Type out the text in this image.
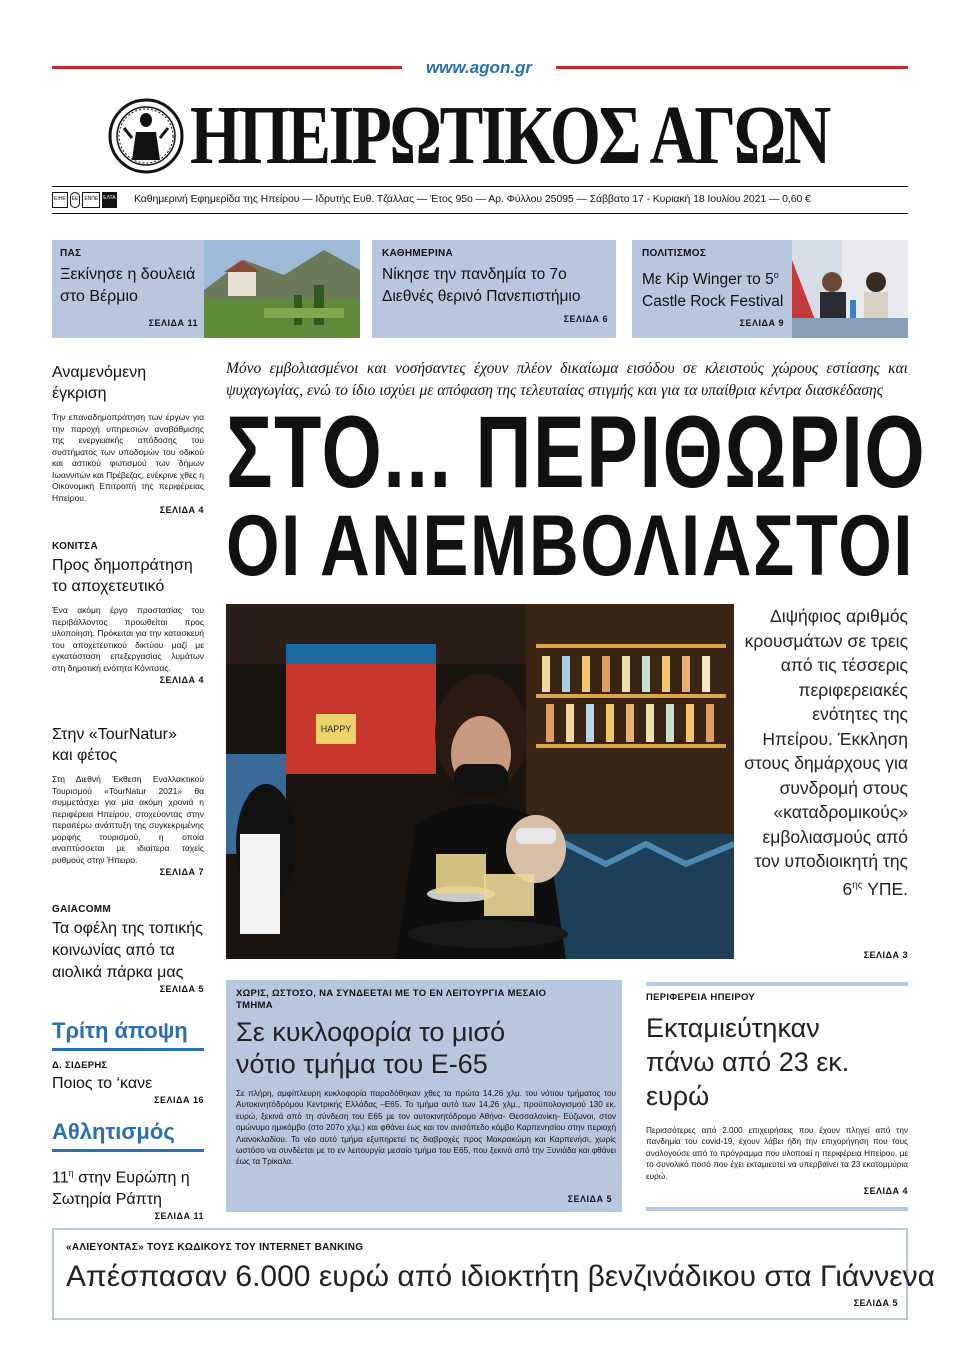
www.agon.gr
ΗΠΕΙΡΩΤΙΚΟΣ ΑΓΩΝ
ΕΙΗΕ	ΕΕ	ΕΝΠΕ	ΕΛΤΑ Καθημερινή Εφημερίδα της Ηπείρου — Ιδρυτής Ευθ. Τζάλλας — Έτος 95ο — Αρ. Φύλλου 25095 — Σάββατο 17 - Κυριακή 18 Ιουλίου 2021 — 0,60 €
ΠΑΣ
Ξεκίνησε η δουλειά στο Βέρμιο
ΣΕΛΙΔΑ 11
ΚΑΘΗΜΕΡΙΝΑ
Νίκησε την πανδημία το 7ο Διεθνές θερινό Πανεπιστήμιο
ΣΕΛΙΔΑ 6
ΠΟΛΙΤΙΣΜΟΣ
Με Kip Winger το $5^o$ Castle Rock Festival
ΣΕΛΙΔΑ 9
Αναμενόμενη έγκριση
Την επαναδημοπράτηση των έργων για την παροχή υπηρεσιών αναβάθμισης της ενεργειακής απόδοσης του συστήματος των υποδομών του οδικού και αστικού φωτισμού των δήμων Ιωαννιτών και Πρέβεζας, ενέκρινε χθες η Οικονομική Επιτροπή της περιφέρειας Ηπείρου.
ΣΕΛΙΔΑ 4
ΚΟΝΙΤΣΑ
Προς δημοπράτηση το αποχετευτικό
Ένα ακόμη έργο προστασίας του περιβάλλοντος προωθείται προς υλοποίηση. Πρόκειται για την κατασκευή του αποχετευτικού δικτύου μαζί με εγκατάσταση επεξεργασίας λυμάτων στη δημοτική ενότητα Κόνιτσας.
ΣΕΛΙΔΑ 4
Στην «TourNatur» και φέτος
Στη Διεθνή Έκθεση Εναλλακτικού Τουρισμού «TourNatur 2021» θα συμμετάσχει για μία ακόμη χρονιά η περιφέρεια Ηπείρου, στοχεύοντας στην περαιτέρω ανάπτυξη της συγκεκριμένης μορφής τουρισμού, η οποία αναπτύσσεται με ιδιαίτερα ταχείς ρυθμούς στην Ήπειρο.
ΣΕΛΙΔΑ 7
GAIACOMM
Τα οφέλη της τοπικής κοινωνίας από τα αιολικά πάρκα μας
ΣΕΛΙΔΑ 5
Τρίτη άποψη
Δ. ΣΙΔΕΡΗΣ
Ποιος το ‘κανε
ΣΕΛΙΔΑ 16
Αθλητισμός
$11^\eta$ στην Ευρώπη η Σωτηρία Ράπτη
ΣΕΛΙΔΑ 11
Μόνο εμβολιασμένοι και νοσήσαντες έχουν πλέον δικαίωμα εισόδου σε κλειστούς χώρους εστίασης και ψυχαγωγίας, ενώ το ίδιο ισχύει με απόφαση της τελευταίας στιγμής και για τα υπαίθρια κέντρα διασκέδασης
ΣΤΟ... ΠΕΡΙΘΩΡΙΟ
ΟΙ ΑΝΕΜΒΟΛΙΑΣΤΟΙ
HAPPY
Διψήφιος αριθμός κρουσμάτων σε τρεις από τις τέσσερις περιφερειακές ενότητες της Ηπείρου. Έκκληση στους δημάρχους για συνδρομή στους «καταδρομικούς» εμβολιασμούς από τον υποδιοικητή της $6^{\eta\varsigma}$ ΥΠΕ.
ΣΕΛΙΔΑ 3
ΧΩΡΙΣ, ΩΣΤΟΣΟ, ΝΑ ΣΥΝΔΕΕΤΑΙ ΜΕ ΤΟ ΕΝ ΛΕΙΤΟΥΡΓΙΑ ΜΕΣΑΙΟ ΤΜΗΜΑ
Σε κυκλοφορία το μισό νότιο τμήμα του Ε-65
Σε πλήρη, αμφίπλευρη κυκλοφορία παραδόθηκαν χθες τα πρώτα 14,26 χλμ. του νότιου τμήματος του Αυτοκινητόδρόμου Κεντρικής Ελλάδας –Ε65. Το τμήμα αυτό των 14,26 χλμ., προϋπολογισμού 130 εκ. ευρώ, ξεκινά από τη σύνδεση του Ε65 με τον αυτοκινητόδρομο Αθήνα- Θεσσαλονίκη- Εύζωνοι, στον ομώνυμο ημικόμβο (στο 207ο χλμ.) και φθάνει έως και τον ανισόπεδο κόμβο Καρπενησίου στην περιοχή Λιανοκλαδίου. Το νέο αυτό τμήμα εξυπηρετεί τις διαβροχές προς Μακρακώμη και Καρπενήσι, χωρίς ωστόσο να συνδέεται με το εν λειτουργία μεσαίο τμήμα του Ε65, που ξεκινά από την Ξυνιάδα και φθάνει έως τα Τρίκαλα.
ΣΕΛΙΔΑ 5
ΠΕΡΙΦΕΡΕΙΑ ΗΠΕΙΡΟΥ
Εκταμιεύτηκαν πάνω από 23 εκ. ευρώ
Περισσότερες από 2.000 επιχειρήσεις που έχουν πληγεί από την πανδημία του covid-19, έχουν λάβει ήδη την επιχορήγηση που τους αναλογούσε από το πρόγραμμα που υλοποιεί η περιφέρεια Ηπείρου, με το συνολικό ποσό που έχει εκταμιευτεί να υπερβαίνει τα 23 εκατομμύρια ευρώ.
ΣΕΛΙΔΑ 4
«ΑΛΙΕΥΟΝΤΑΣ» ΤΟΥΣ ΚΩΔΙΚΟΥΣ ΤΟΥ INTERNET BANKING
Απέσπασαν 6.000 ευρώ από ιδιοκτήτη βενζινάδικου στα Γιάννενα
ΣΕΛΙΔΑ 5
